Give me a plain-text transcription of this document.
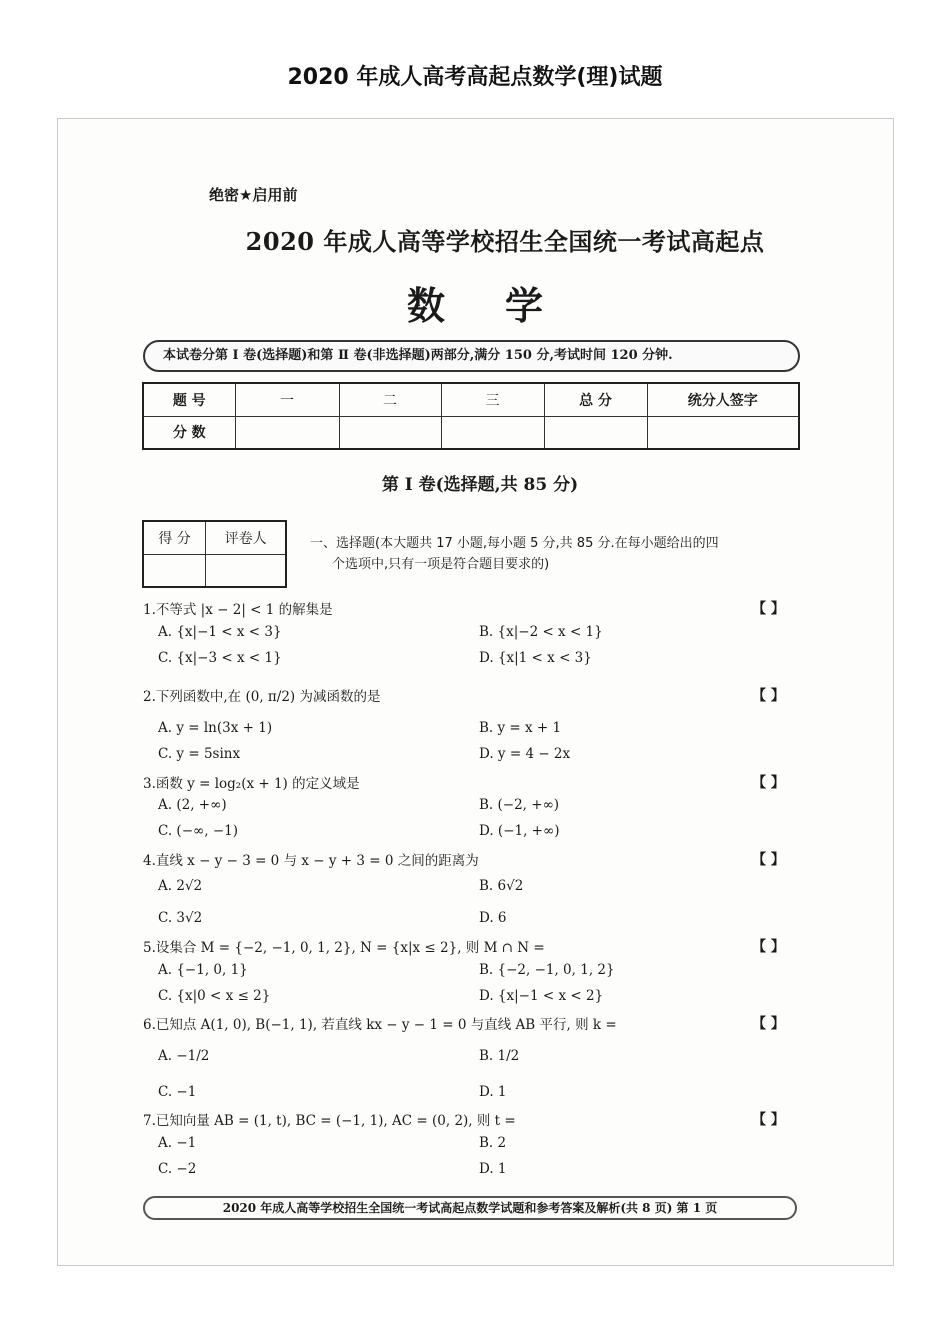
2020 年成人高考高起点数学(理)试题
绝密★启用前
2020 年成人高等学校招生全国统一考试高起点
数学
本试卷分第 Ⅰ 卷(选择题)和第 Ⅱ 卷(非选择题)两部分,满分 150 分,考试时间 120 分钟.
题 号	一	二	三	总 分	统分人签字
分 数					
第 Ⅰ 卷(选择题,共 85 分)
得 分	评卷人
		一、选择题(本大题共 17 小题,每小题 5 分,共 85 分.在每小题给出的四
个选项中,只有一项是符合题目要求的)
1.不等式 |x − 2| < 1 的解集是	【 】
A. {x|−1 < x < 3}	B. {x|−2 < x < 1}
C. {x|−3 < x < 1}	D. {x|1 < x < 3}
2.下列函数中,在 (0, π/2) 为减函数的是	【 】
A. y = ln(3x + 1)	B. y = x + 1
C. y = 5sinx	D. y = 4 − 2x
3.函数 y = log₂(x + 1) 的定义域是	【 】
A. (2, +∞)	B. (−2, +∞)
C. (−∞, −1)	D. (−1, +∞)
4.直线 x − y − 3 = 0 与 x − y + 3 = 0 之间的距离为	【 】
A. 2√2	B. 6√2
C. 3√2	D. 6
5.设集合 M = {−2, −1, 0, 1, 2}, N = {x|x ≤ 2}, 则 M ∩ N =	【 】
A. {−1, 0, 1}	B. {−2, −1, 0, 1, 2}
C. {x|0 < x ≤ 2}	D. {x|−1 < x < 2}
6.已知点 A(1, 0), B(−1, 1), 若直线 kx − y − 1 = 0 与直线 AB 平行, 则 k =	【 】
A. −1/2	B. 1/2
C. −1	D. 1
7.已知向量 AB = (1, t), BC = (−1, 1), AC = (0, 2), 则 t =	【 】
A. −1	B. 2
C. −2	D. 1
2020 年成人高等学校招生全国统一考试高起点数学试题和参考答案及解析(共 8 页) 第 1 页
